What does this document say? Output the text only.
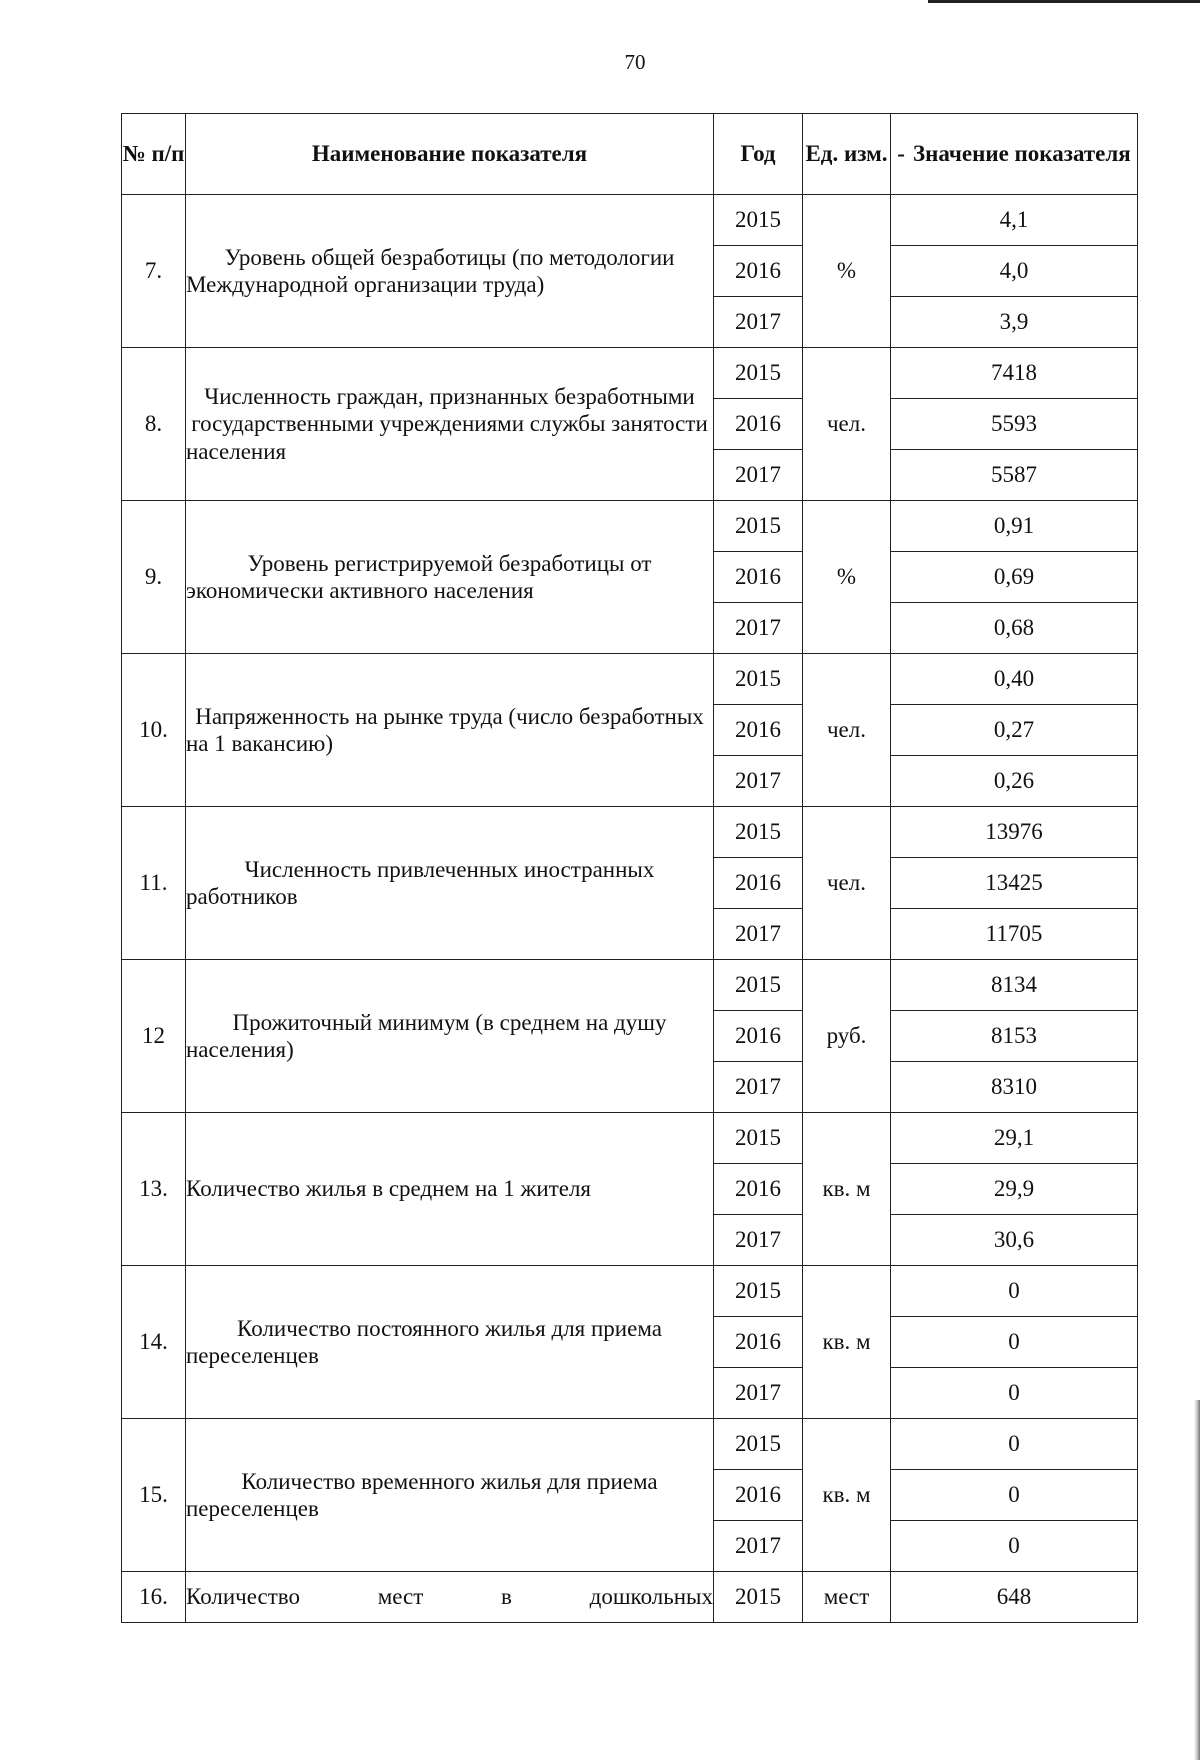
70
№ п/п	Наименование показателя	Год	Ед. изм.	- Значение показателя
7.	Уровень общей безработицы (по методологии Международной организации труда)	2015	%	4,1
		2016		4,0
		2017		3,9
8.	Численность граждан, признанных безработными государственными учреждениями службы занятости населения	2015	чел.	7418
		2016		5593
		2017		5587
9.	Уровень регистрируемой безработицы от экономически активного населения	2015	%	0,91
		2016		0,69
		2017		0,68
10.	Напряженность на рынке труда (число безработных на 1 вакансию)	2015	чел.	0,40
		2016		0,27
		2017		0,26
11.	Численность привлеченных иностранных работников	2015	чел.	13976
		2016		13425
		2017		11705
12	Прожиточный минимум (в среднем на душу населения)	2015	руб.	8134
		2016		8153
		2017		8310
13.	Количество жилья в среднем на 1 жителя	2015	кв. м	29,1
		2016		29,9
		2017		30,6
14.	Количество постоянного жилья для приема переселенцев	2015	кв. м	0
		2016		0
		2017		0
15.	Количество временного жилья для приема переселенцев	2015	кв. м	0
		2016		0
		2017		0
16.	Количество мест в дошкольных	2015	мест	648
